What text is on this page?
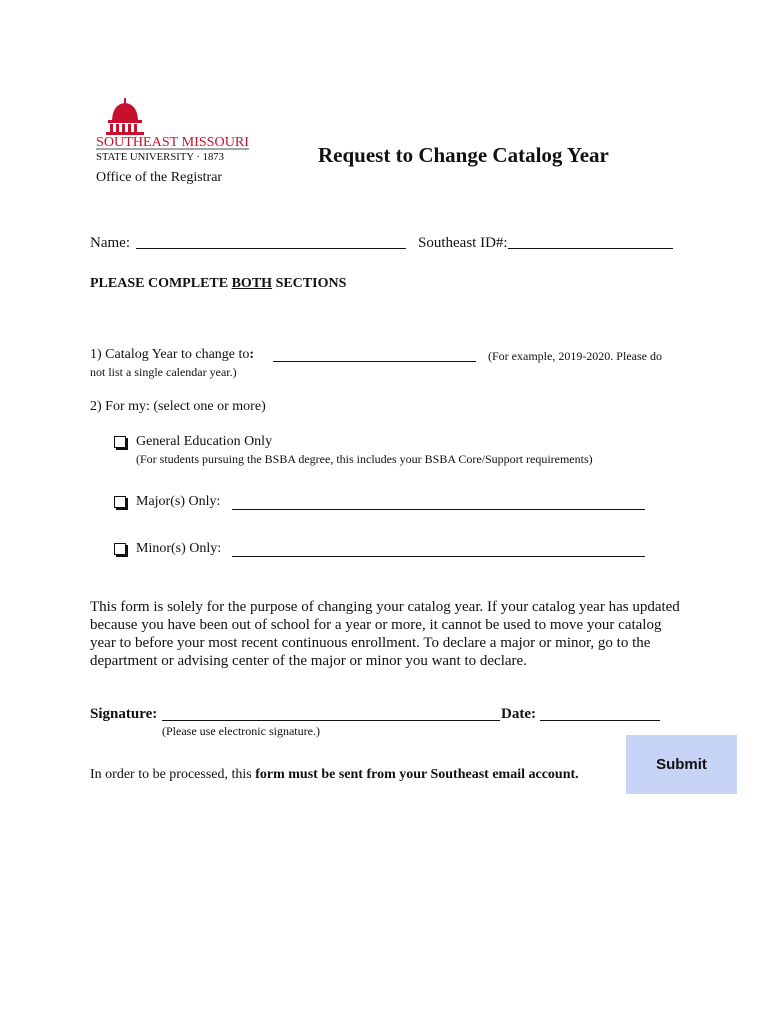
SOUTHEAST MISSOURI
STATE UNIVERSITY · 1873
Office of the Registrar
Request to Change Catalog Year
Name:	Southeast ID#:
PLEASE COMPLETE BOTH SECTIONS
1) Catalog Year to change to:	(For example, 2019-2020. Please do
not list a single calendar year.)
2) For my: (select one or more)
General Education Only
(For students pursuing the BSBA degree, this includes your BSBA Core/Support requirements)
Major(s) Only:
Minor(s) Only:
This form is solely for the purpose of changing your catalog year. If your catalog year has updated because you have been out of school for a year or more, it cannot be used to move your catalog year to before your most recent continuous enrollment. To declare a major or minor, go to the department or advising center of the major or minor you want to declare.
Signature:	Date:
(Please use electronic signature.)
In order to be processed, this form must be sent from your Southeast email account.
Submit
